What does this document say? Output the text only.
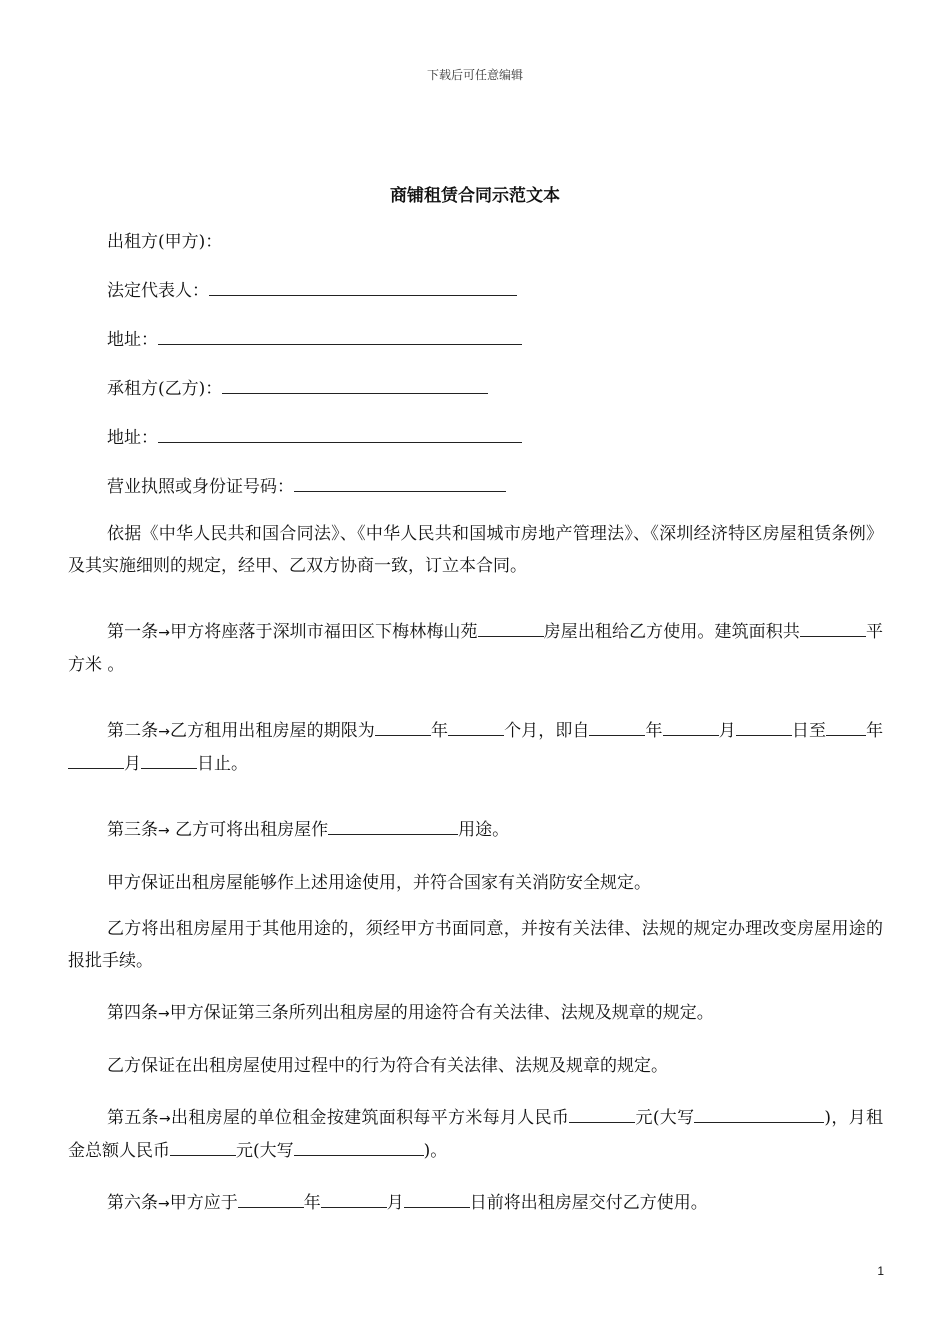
下载后可任意编辑
商铺租赁合同示范文本

出租方(甲方)：

法定代表人：

地址：

承租方(乙方)：

地址：

营业执照或身份证号码：

依据《中华人民共和国合同法》、《中华人民共和国城市房地产管理法》、《深圳经济特区房屋租赁条例》及其实施细则的规定，经甲、乙双方协商一致，订立本合同。

第一条→甲方将座落于深圳市福田区下梅林梅山苑	房屋出租给乙方使用。建筑面积共	平方米 。

第二条→乙方租用出租房屋的期限为	年	个月，即自	年	月	日至 年月	日止。

第三条→ 乙方可将出租房屋作	用途。

甲方保证出租房屋能够作上述用途使用，并符合国家有关消防安全规定。

乙方将出租房屋用于其他用途的，须经甲方书面同意，并按有关法律、法规的规定办理改变房屋用途的报批手续。

第四条→甲方保证第三条所列出租房屋的用途符合有关法律、法规及规章的规定。

乙方保证在出租房屋使用过程中的行为符合有关法律、法规及规章的规定。

第五条→出租房屋的单位租金按建筑面积每平方米每月人民币	元(大写	)，月租金总额人民币	元(大写	)。

第六条→甲方应于	年	月	日前将出租房屋交付乙方使用。

1
